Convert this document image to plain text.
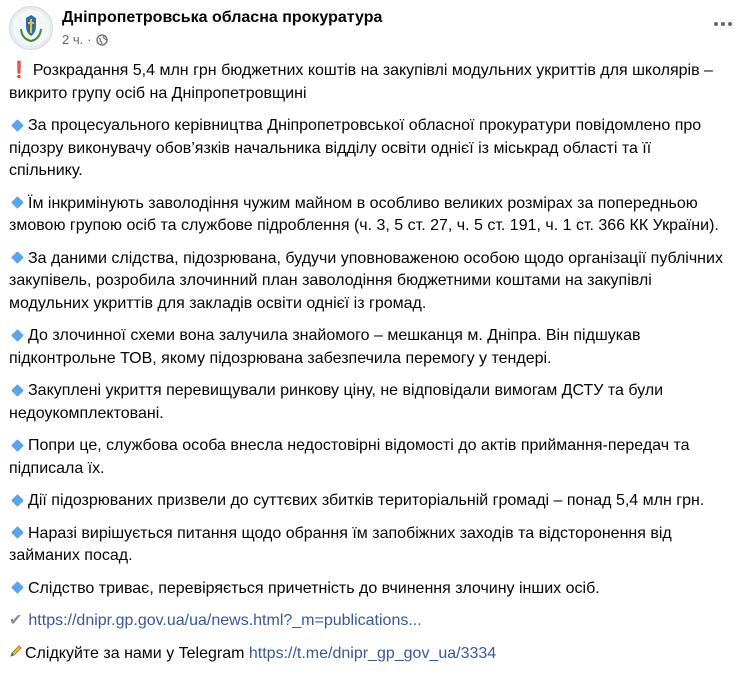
Дніпропетровська обласна прокуратура
2 ч. ·

❗ Розкрадання 5,4 млн грн бюджетних коштів на закупівлі модульних укриттів для школярів – викрито групу осіб на Дніпропетровщині

За процесуального керівництва Дніпропетровської обласної прокуратури повідомлено про підозру виконувачу обов’язків начальника відділу освіти однієї із міськрад області та її спільнику.

Їм інкримінують заволодіння чужим майном в особливо великих розмірах за попередньою змовою групою осіб та службове підроблення (ч. 3, 5 ст. 27, ч. 5 ст. 191, ч. 1 ст. 366 КК України).

За даними слідства, підозрювана, будучи уповноваженою особою щодо організації публічних закупівель, розробила злочинний план заволодіння бюджетними коштами на закупівлі модульних укриттів для закладів освіти однієї із громад.

До злочинної схеми вона залучила знайомого – мешканця м. Дніпра. Він підшукав підконтрольне ТОВ, якому підозрювана забезпечила перемогу у тендері.

Закуплені укриття перевищували ринкову ціну, не відповідали вимогам ДСТУ та були недоукомплектовані.

Попри це, службова особа внесла недостовірні відомості до актів приймання-передач та підписала їх.

Дії підозрюваних призвели до суттєвих збитків територіальній громаді – понад 5,4 млн грн.

Наразі вирішується питання щодо обрання їм запобіжних заходів та відсторонення від займаних посад.

Слідство триває, перевіряється причетність до вчинення злочину інших осіб.

✔ https://dnipr.gp.gov.ua/ua/news.html?_m=publications...

Слідкуйте за нами у Telegram https://t.me/dnipr_gp_gov_ua/3334
